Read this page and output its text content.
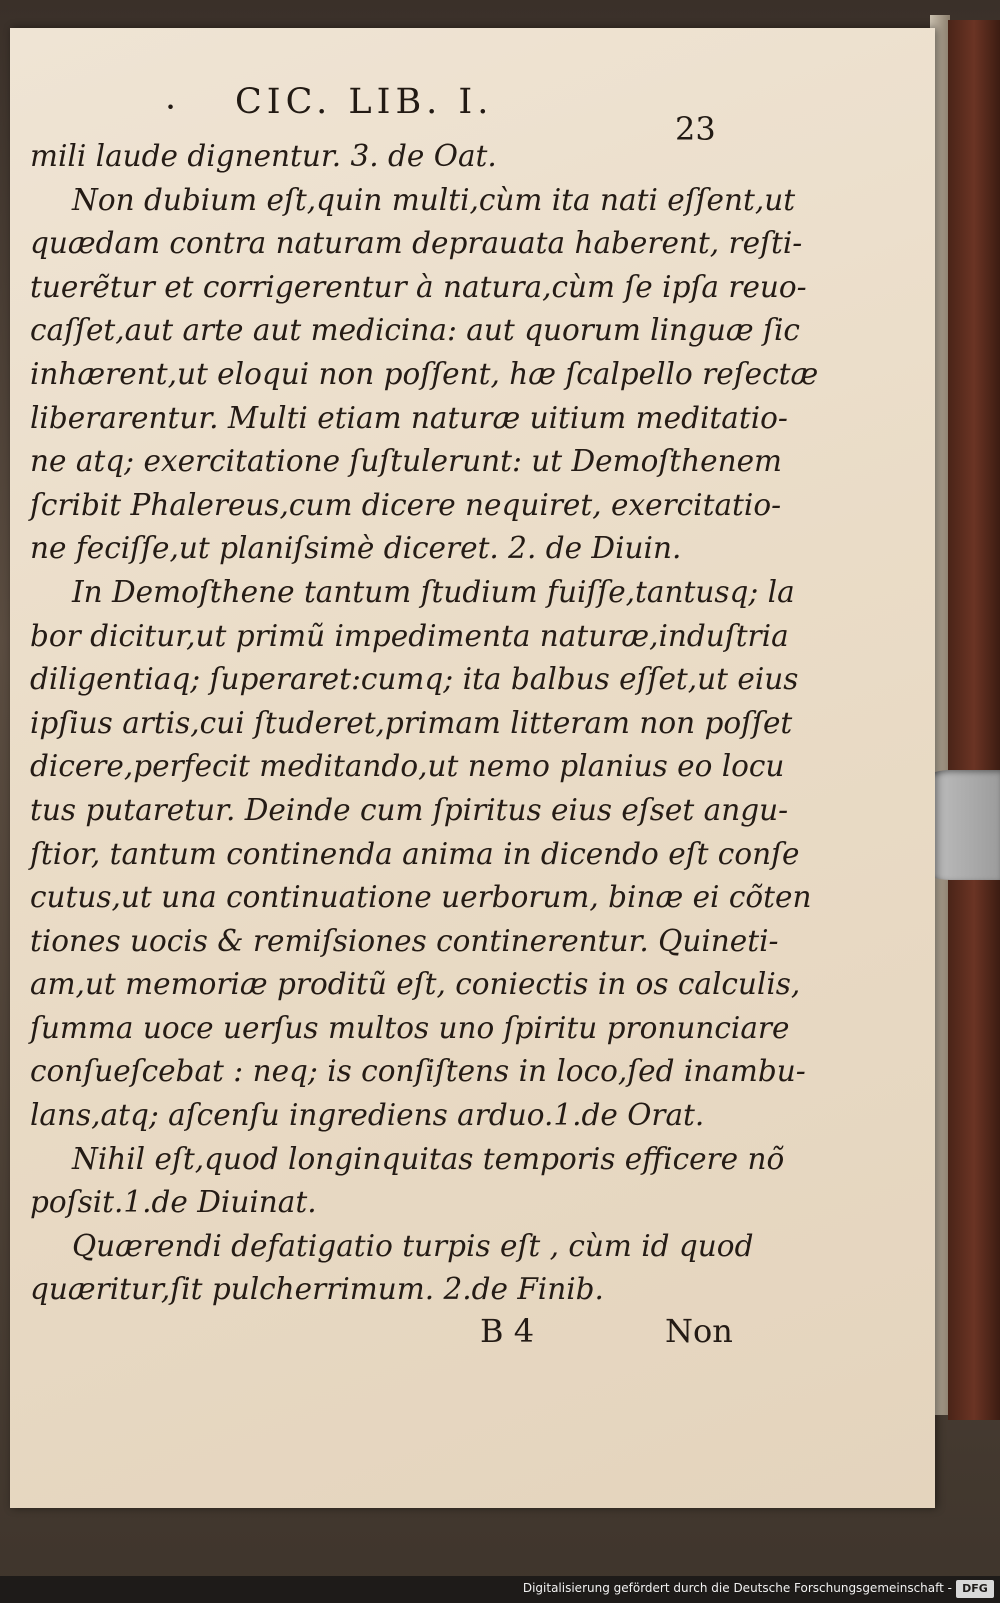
· CIC. LIB. I.
23
mili laude dignentur. 3. de Oat.
Non dubium eſt,quin multi,cùm ita nati eſſent,ut
quædam contra naturam deprauata haberent, reſti-
tuerẽtur et corrigerentur à natura,cùm ſe ipſa reuo-
caſſet,aut arte aut medicina: aut quorum linguæ ſic
inhærent,ut eloqui non poſſent, hæ ſcalpello reſectæ
liberarentur. Multi etiam naturæ uitium meditatio-
ne atq; exercitatione ſuſtulerunt: ut Demoſthenem
ſcribit Phalereus,cum dicere nequiret, exercitatio-
ne feciſſe,ut planiſsimè diceret. 2. de Diuin.
In Demoſthene tantum ſtudium fuiſſe,tantusq; la
bor dicitur,ut primũ impedimenta naturæ,induſtria
diligentiaq; ſuperaret:cumq; ita balbus eſſet,ut eius
ipſius artis,cui ſtuderet,primam litteram non poſſet
dicere,perfecit meditando,ut nemo planius eo locu
tus putaretur. Deinde cum ſpiritus eius eſset angu-
ſtior, tantum continenda anima in dicendo eſt conſe
cutus,ut una continuatione uerborum, binæ ei cõten
tiones uocis & remiſsiones continerentur. Quineti-
am,ut memoriæ proditũ eſt, coniectis in os calculis,
ſumma uoce uerſus multos uno ſpiritu pronunciare
conſueſcebat : neq; is conſiſtens in loco,ſed inambu-
lans,atq; aſcenſu ingrediens arduo.1.de Orat.
Nihil eſt,quod longinquitas temporis efficere nõ
poſsit.1.de Diuinat.
Quærendi defatigatio turpis eſt , cùm id quod
quæritur,ſit pulcherrimum. 2.de Finib.
B 4	Non
Digitalisierung gefördert durch die Deutsche Forschungsgemeinschaft - DFG
